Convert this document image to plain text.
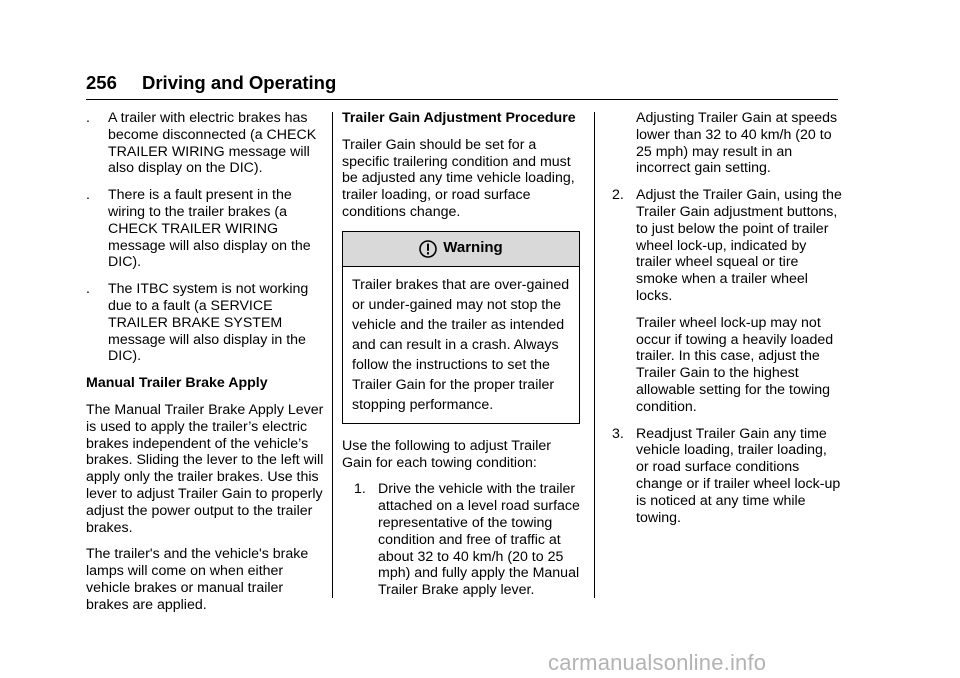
256 Driving and Operating
. A trailer with electric brakes has become disconnected (a CHECK TRAILER WIRING message will also display on the DIC).
. There is a fault present in the wiring to the trailer brakes (a CHECK TRAILER WIRING message will also display on the DIC).
. The ITBC system is not working due to a fault (a SERVICE TRAILER BRAKE SYSTEM message will also display in the DIC).

Manual Trailer Brake Apply

The Manual Trailer Brake Apply Lever is used to apply the trailer’s electric brakes independent of the vehicle’s brakes. Sliding the lever to the left will apply only the trailer brakes. Use this lever to adjust Trailer Gain to properly adjust the power output to the trailer brakes.

The trailer's and the vehicle's brake lamps will come on when either vehicle brakes or manual trailer brakes are applied.

Trailer Gain Adjustment Procedure

Trailer Gain should be set for a specific trailering condition and must be adjusted any time vehicle loading, trailer loading, or road surface conditions change.

Warning
Trailer brakes that are over-gained or under-gained may not stop the vehicle and the trailer as intended and can result in a crash. Always follow the instructions to set the Trailer Gain for the proper trailer stopping performance.

Use the following to adjust Trailer Gain for each towing condition:

1. Drive the vehicle with the trailer attached on a level road surface representative of the towing condition and free of traffic at about 32 to 40 km/h (20 to 25 mph) and fully apply the Manual Trailer Brake apply lever.

Adjusting Trailer Gain at speeds lower than 32 to 40 km/h (20 to 25 mph) may result in an incorrect gain setting.

2. Adjust the Trailer Gain, using the Trailer Gain adjustment buttons, to just below the point of trailer wheel lock-up, indicated by trailer wheel squeal or tire smoke when a trailer wheel locks.

Trailer wheel lock-up may not occur if towing a heavily loaded trailer. In this case, adjust the Trailer Gain to the highest allowable setting for the towing condition.

3. Readjust Trailer Gain any time vehicle loading, trailer loading, or road surface conditions change or if trailer wheel lock-up is noticed at any time while towing.
carmanualsonline.info
